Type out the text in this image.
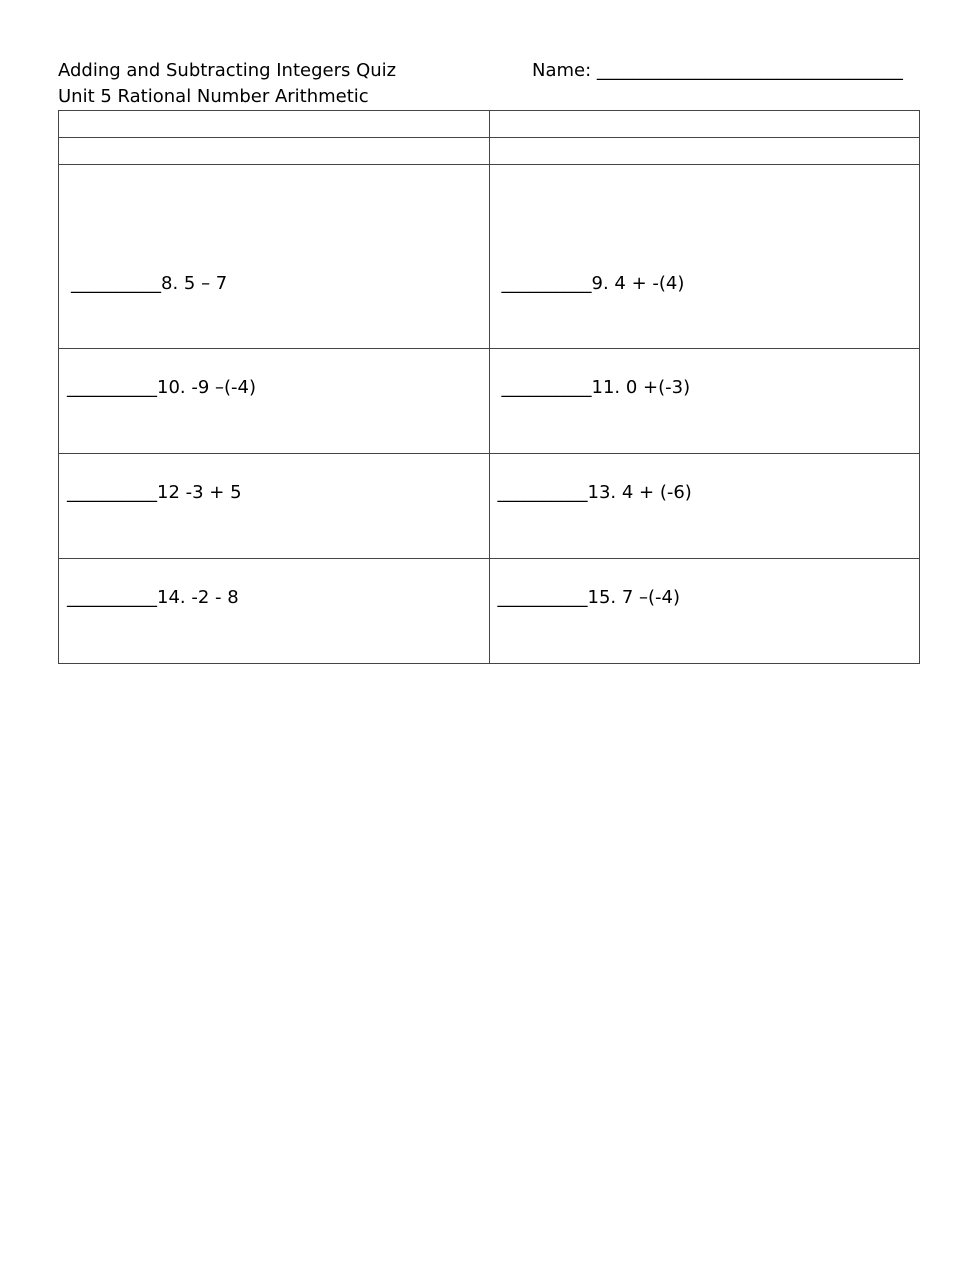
Adding and Subtracting Integers Quiz
Unit 5 Rational Number Arithmetic
Name: __________________________________

__________8. 5 – 7	__________9. 4 + -(4)

__________10. -9 –(-4)	__________11. 0 +(-3)

__________12 -3 + 5	__________13. 4 + (-6)

__________14. -2 - 8	__________15. 7 –(-4)
